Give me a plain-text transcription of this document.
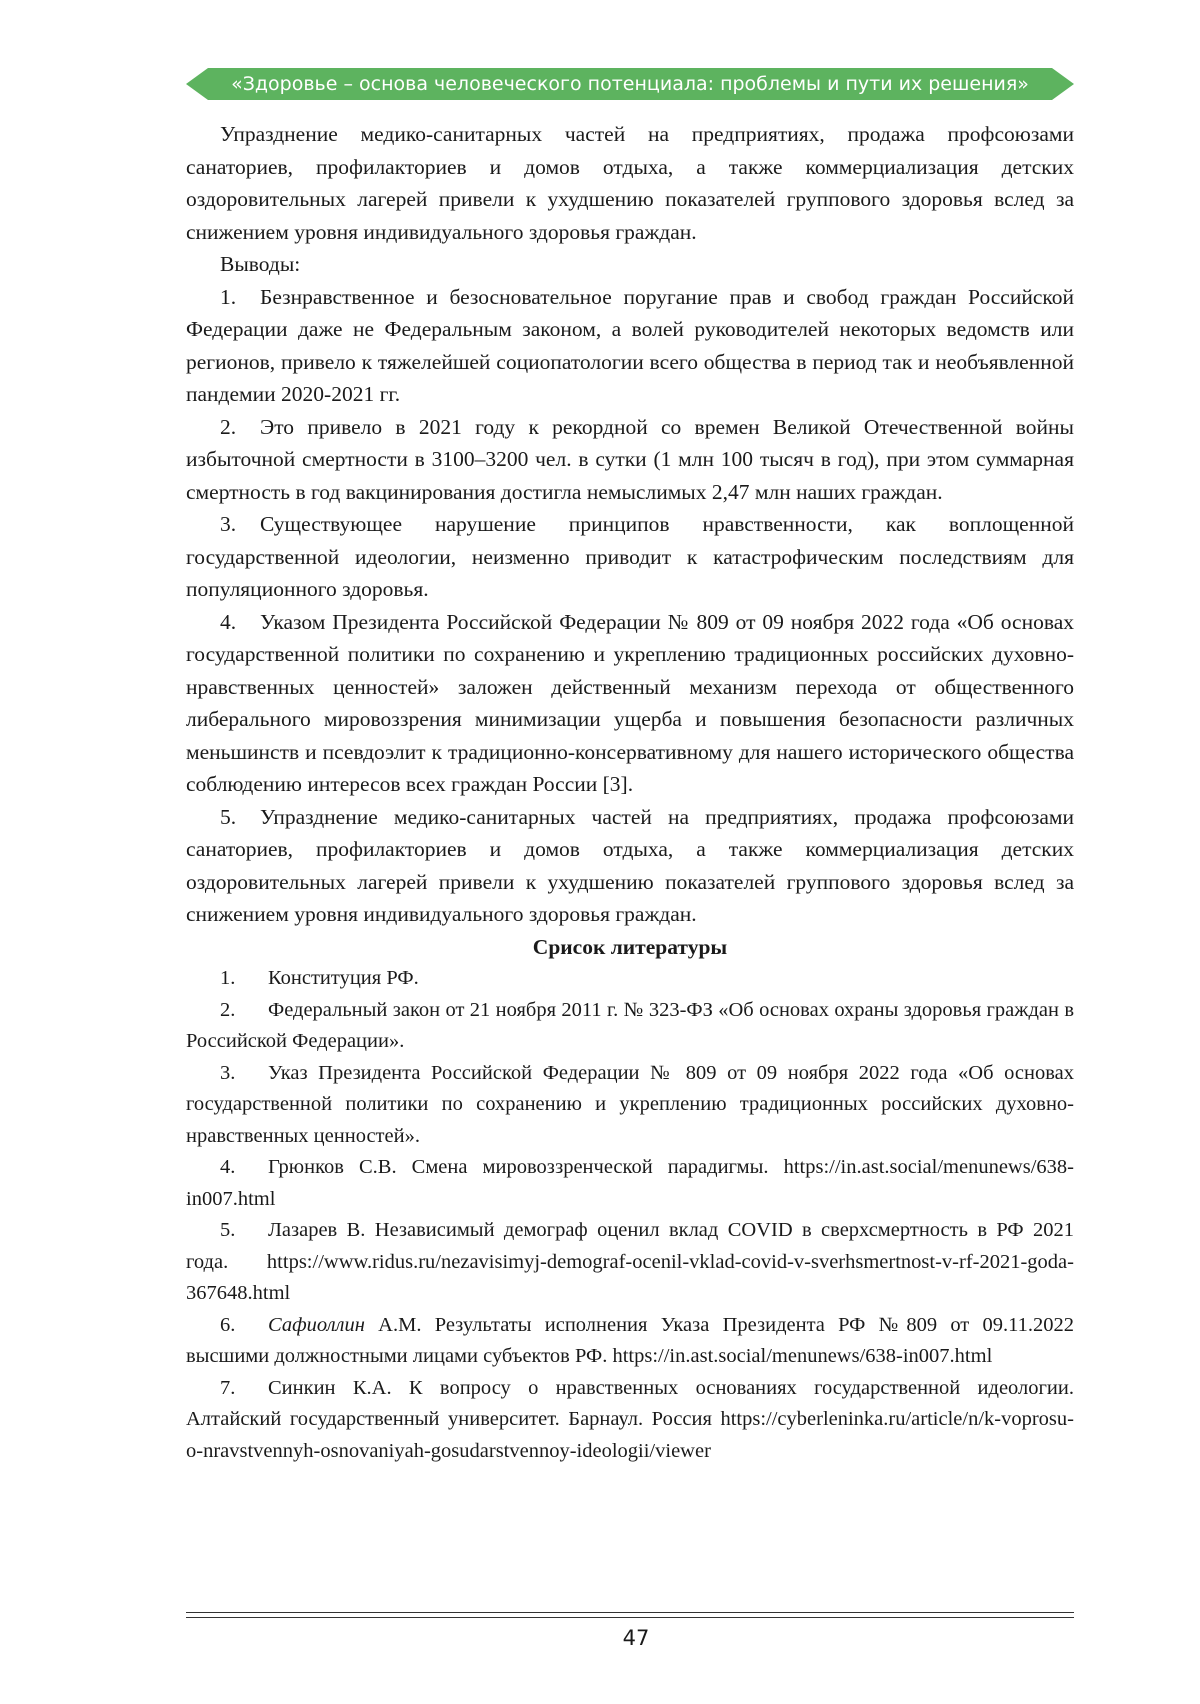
«Здоровье – основа человеческого потенциала: проблемы и пути их решения»

Упразднение медико-санитарных частей на предприятиях, продажа профсоюзами санаториев, профилакториев и домов отдыха, а также коммерциализация детских оздоровительных лагерей привели к ухудшению показателей группового здоровья вслед за снижением уровня индивидуального здоровья граждан.

Выводы:

1. Безнравственное и безосновательное поругание прав и свобод граждан Российской Федерации даже не Федеральным законом, а волей руководителей некоторых ведомств или регионов, привело к тяжелейшей социопатологии всего общества в период так и необъявленной пандемии 2020-2021 гг.

2. Это привело в 2021 году к рекордной со времен Великой Отечественной войны избыточной смертности в 3100–3200 чел. в сутки (1 млн 100 тысяч в год), при этом суммарная смертность в год вакцинирования достигла немыслимых 2,47 млн наших граждан.

3. Существующее нарушение принципов нравственности, как воплощенной государственной идеологии, неизменно приводит к катастрофическим последствиям для популяционного здоровья.

4. Указом Президента Российской Федерации № 809 от 09 ноября 2022 года «Об основах государственной политики по сохранению и укреплению традиционных российских духовно-нравственных ценностей» заложен действенный механизм перехода от общественного либерального мировоззрения минимизации ущерба и повышения безопасности различных меньшинств и псевдоэлит к традиционно-консервативному для нашего исторического общества соблюдению интересов всех граждан России [3].

5. Упразднение медико-санитарных частей на предприятиях, продажа профсоюзами санаториев, профилакториев и домов отдыха, а также коммерциализация детских оздоровительных лагерей привели к ухудшению показателей группового здоровья вслед за снижением уровня индивидуального здоровья граждан.

Срисок литературы

1. Конституция РФ.

2. Федеральный закон от 21 ноября 2011 г. № 323-ФЗ «Об основах охраны здоровья граждан в Российской Федерации».

3. Указ Президента Российской Федерации № 809 от 09 ноября 2022 года «Об основах государственной политики по сохранению и укреплению традиционных российских духовно-нравственных ценностей».

4. Грюнков С.В. Смена мировоззренческой парадигмы. https://in.ast.social/menunews/638-in007.html

5. Лазарев В. Независимый демограф оценил вклад COVID в сверхсмертность в РФ 2021 года. https://www.ridus.ru/nezavisimyj-demograf-ocenil-vklad-covid-v-sverhsmertnost-v-rf-2021-goda-367648.html

6. Сафиоллин А.М. Результаты исполнения Указа Президента РФ №809 от 09.11.2022 высшими должностными лицами субъектов РФ. https://in.ast.social/menunews/638-in007.html

7. Синкин К.А. К вопросу о нравственных основаниях государственной идеологии. Алтайский государственный университет. Барнаул. Россия https://cyberleninka.ru/article/n/k-voprosu-o-nravstvennyh-osnovaniyah-gosudarstvennoy-ideologii/viewer

47
